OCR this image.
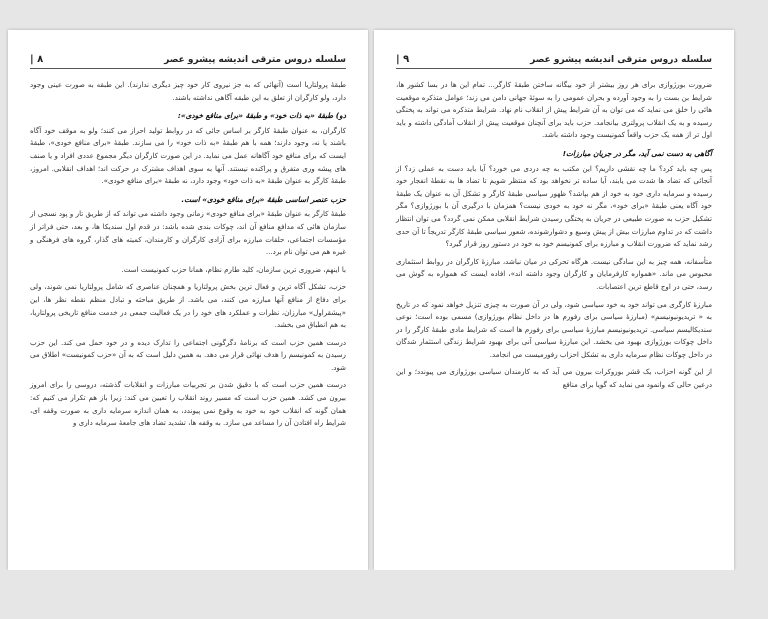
سلسله دروس مترقی اندیشه پیشرو عصر
۸ |

طبقهٔ پرولتاریا است (آنهائی که به جز نیروی کار خود چیز دیگری ندارند). این طبقه به صورت عینی وجود دارد، ولو کارگران از تعلق به این طبقه آگاهی نداشته باشند.

دو) طبقهٔ «به ذات خود» و طبقهٔ «برای منافع خودی»:

کارگران، به عنوان طبقهٔ کارگر بر اساس جائی که در روابط تولید احراز می کنند؛ ولو به موقف خود آگاه باشند یا نه، وجود دارند؛ همه با هم طبقهٔ «به ذات خود» را می سازند. طبقهٔ «برای منافع خودی»، طبقهٔ ایست که برای منافع خود آگاهانه عمل می نماید. در این صورت کارگران دیگر مجموع عددی افراد و یا صنف های پیشه وری متفرق و پراکنده نیستند. آنها به سوی اهداف مشترک در حرکت اند؛ اهداف انقلابی. امروز، طبقهٔ کارگر به عنوان طبقهٔ «به ذات خود» وجود دارد، نه طبقهٔ «برای منافع خودی».

حزب عنصر اساسی طبقهٔ «برای منافع خودی» است.

طبقهٔ کارگر به عنوان طبقهٔ «برای منافع خودی» زمانی وجود داشته می تواند که از طریق تار و پود نسجی از سازمان هائی که مدافع منافع آن اند، چوکات بندی شده باشد: در قدم اول سندیکا ها، و بعد، حتی فراتر از مؤسسات اجتماعی، حلقات مبارزه برای آزادی کارگران و کارمندان، کمیته های گذار، گروه های فرهنگی و غیره هم می توان نام برد...

با اینهم، ضروری ترین سازمان، کلید طارم نظام، همانا حزب کمونیست است.

حزب، تشکل آگاه ترین و فعال ترین بخش پرولتاریا و همچنان عناصری که شامل پرولتاریا نمی شوند، ولی برای دفاع از منافع آنها مبارزه می کنند، می باشد. از طریق مباحثه و تبادل منظم نقطه نظر ها، این «پیشقراول» مبارزان، نظرات و عملکرد های خود را در یک فعالیت جمعی در خدمت منافع تاریخی پرولتاریا، به هم انطباق می بخشد.

درست همین حزب است که برنامهٔ دگرگونی اجتماعی را تدارک دیده و در خود حمل می کند. این حزب رسیدن به کمونیسم را هدف نهائی قرار می دهد. به همین دلیل است که به آن «حزب کمونیست» اطلاق می شود.

درست همین حزب است که با دقیق شدن بر تجربیات مبارزات و انقلابات گذشته، دروسی را برای امروز بیرون می کشد. همین حزب است که مسیر روند انقلاب را تعیین می کند: زیرا باز هم تکرار می کنیم که: همان گونه که انقلاب خود به خود به وقوع نمی پیوندد، به همان اندازه سرمایه داری به صورت وقفه ای، شرایط راه افتادن آن را مساعد می سازد. به وقفه ها، تشدید تضاد های جامعهٔ سرمایه داری و

سلسله دروس مترقی اندیشه پیشرو عصر
۹ |

ضرورت بورژوازی برای هر روز بیشتر از خود بیگانه ساختن طبقهٔ کارگر... تمام این ها در بسا کشور ها، شرایط بن بست را به وجود آورده و بحران عمومی را به سوئهٔ جهانی دامن می زند؛ عوامل متذکره موقعیت هائی را خلق می نماید که می توان به آن شرایط پیش از انقلاب نام نهاد. شرایط متذکره می تواند به پختگی رسیده و به یک انقلاب پرولتری بیانجامد. حزب باید برای آنچنان موقعیت پیش از انقلاب آمادگی داشته و باید اول تر از همه یک حزب واقعاً کمونیست وجود داشته باشد.

آگاهی به دست نمی آید، مگر در جریان مبارزات!

پس چه باید کرد؟ ما چه نقشی داریم؟ این مکتب به چه دردی می خورد؟ آیا باید دست به عملی زد؟ از آنجائی که تضاد ها شدت می یابند، آیا ساده تر نخواهد بود که منتظر شویم تا تضاد ها به نقطهٔ انفجار خود رسیده و سرمایه داری خود به خود از هم بپاشد؟ ظهور سیاسی طبقهٔ کارگر و تشکل آن به عنوان یک طبقهٔ خود آگاه یعنی طبقهٔ «برای خود»، مگر نه خود به خودی نیست؟ همزمان با درگیری آن با بورژوازی؟ مگر تشکیل حزب به صورت طبیعی در جریان به پختگی رسیدن شرایط انقلابی ممکن نمی گردد؟ می توان انتظار داشت که در تداوم مبارزات بیش از پیش وسیع و دشوارشونده، شعور سیاسی طبقهٔ کارگر تدریجاً تا آن حدی رشد نماید که ضرورت انقلاب و مبارزه برای کمونیسم خود به خود در دستور روز قرار گیرد؟

متأسفانه، همه چیز به این سادگی نیست. هرگاه تحرکی در میان نباشد، مبارزهٔ کارگران در روابط استثماری محبوس می ماند. «همواره کارفرمایان و کارگران وجود داشته اند»، افاده ایست که همواره به گوش می رسد، حتی در اوج قاطع ترین اعتصابات.

مبارزهٔ کارگری می تواند خود به خود سیاسی شود، ولی در آن صورت به چیزی تنزیل خواهد نمود که در تاریخ به « تریدیونیونیسم» (مبارزهٔ سیاسی برای رفورم ها در داخل نظام بورژوازی) مسمی بوده است؛ نوعی سندیکالیسم سیاسی. تریدیونیونیسم مبارزهٔ سیاسی برای رفورم ها است که شرایط مادی طبقهٔ کارگر را در داخل چوکات بورژوازی بهبود می بخشد. این مبارزهٔ سیاسی آنی برای بهبود شرایط زندگی استثمار شدگان در داخل چوکات نظام سرمایه داری به تشکل احزاب رفورمیست می انجامد.

از این گونه احزاب، یک قشر بوروکرات بیرون می آید که به کارمندان سیاسی بورژوازی می پیوندد؛ و این درعین حالی که وانمود می نماید که گویا برای منافع
